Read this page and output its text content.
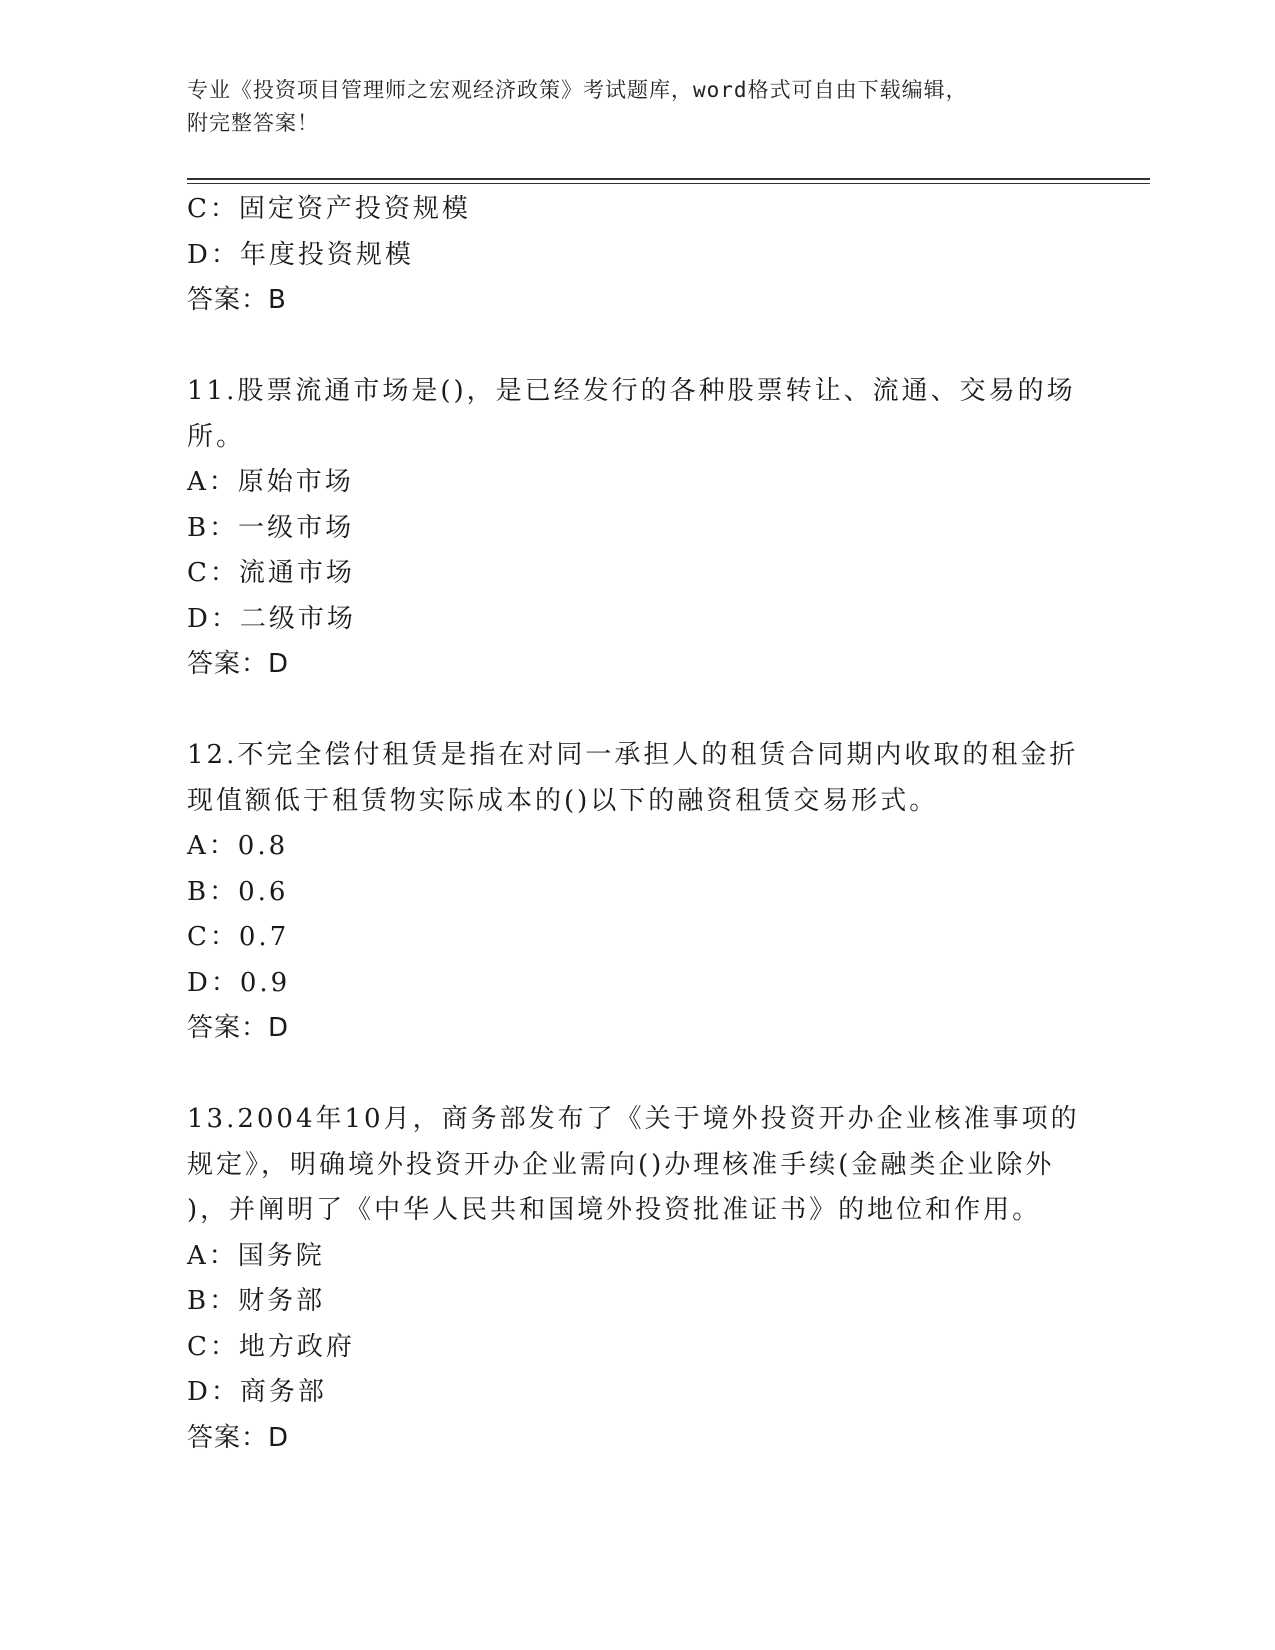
专业《投资项目管理师之宏观经济政策》考试题库，word格式可自由下载编辑，
附完整答案！
C：固定资产投资规模
D：年度投资规模
答案：B
11.股票流通市场是()，是已经发行的各种股票转让、流通、交易的场
所。
A：原始市场
B：一级市场
C：流通市场
D：二级市场
答案：D
12.不完全偿付租赁是指在对同一承担人的租赁合同期内收取的租金折
现值额低于租赁物实际成本的()以下的融资租赁交易形式。
A：0.8
B：0.6
C：0.7
D：0.9
答案：D
13.2004年10月，商务部发布了《关于境外投资开办企业核准事项的
规定》，明确境外投资开办企业需向()办理核准手续(金融类企业除外
)，并阐明了《中华人民共和国境外投资批准证书》的地位和作用。
A：国务院
B：财务部
C：地方政府
D：商务部
答案：D
